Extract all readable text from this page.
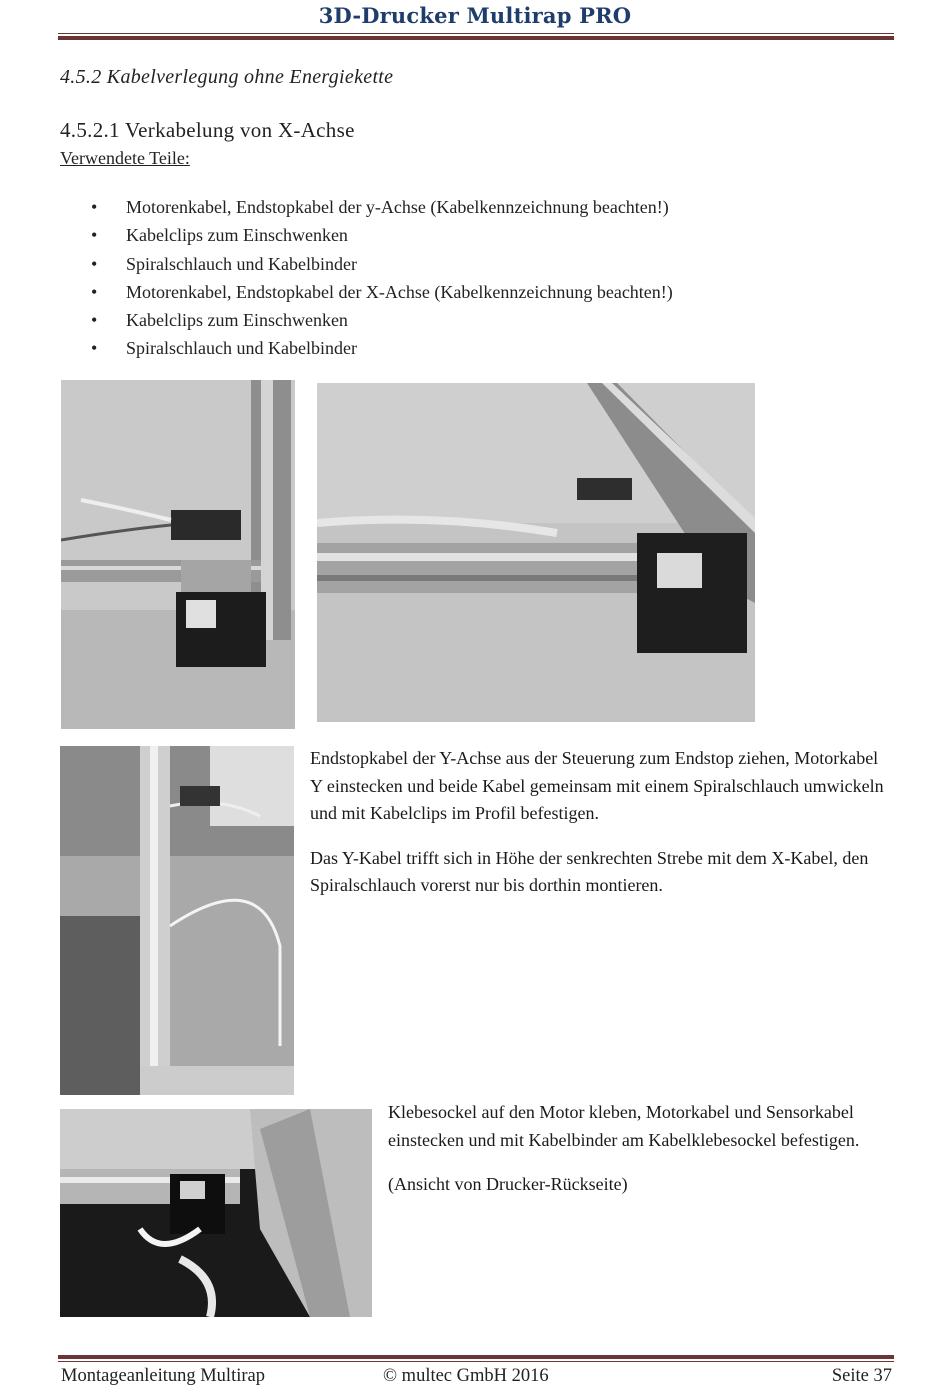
3D-Drucker Multirap PRO
4.5.2 Kabelverlegung ohne Energiekette
4.5.2.1 Verkabelung von X-Achse
Verwendete Teile:
• Motorenkabel, Endstopkabel der y-Achse (Kabelkennzeichnung beachten!)
• Kabelclips zum Einschwenken
• Spiralschlauch und Kabelbinder
• Motorenkabel, Endstopkabel der X-Achse (Kabelkennzeichnung beachten!)
• Kabelclips zum Einschwenken
• Spiralschlauch und Kabelbinder

Endstopkabel der Y-Achse aus der Steuerung zum Endstop ziehen, Motorkabel Y einstecken und beide Kabel gemeinsam mit einem Spiralschlauch umwickeln und mit Kabelclips im Profil befestigen.

Das Y-Kabel trifft sich in Höhe der senkrechten Strebe mit dem X-Kabel, den Spiralschlauch vorerst nur bis dorthin montieren.

Klebesockel auf den Motor kleben, Motorkabel und Sensorkabel einstecken und mit Kabelbinder am Kabelklebesockel befestigen.

(Ansicht von Drucker-Rückseite)

Montageanleitung Multirap	© multec GmbH 2016	Seite 37
